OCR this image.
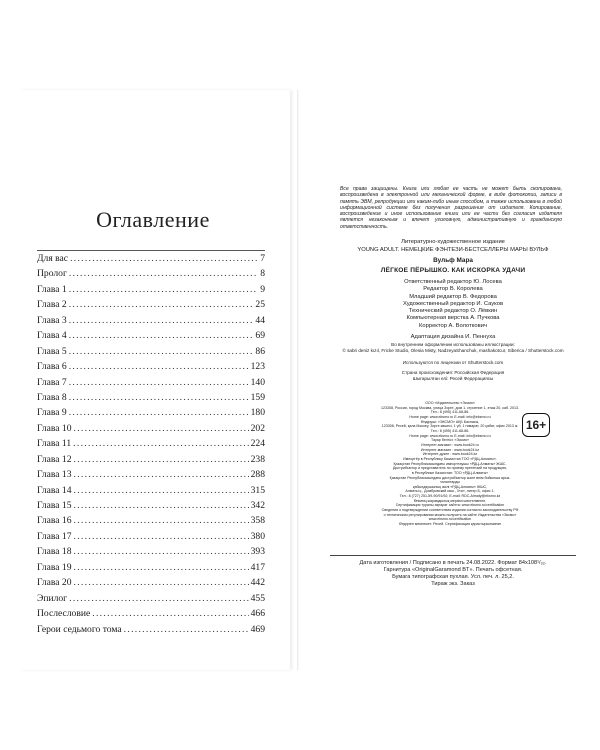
Оглавление
Для вас .....	7
Пролог .....	8
Глава 1 .....	9
Глава 2 .....	25
Глава 3 .....	44
Глава 4 .....	69
Глава 5 .....	86
Глава 6 .....	123
Глава 7 .....	140
Глава 8 .....	159
Глава 9 .....	180
Глава 10 .....	202
Глава 11 .....	224
Глава 12 .....	238
Глава 13 .....	288
Глава 14 .....	315
Глава 15 .....	342
Глава 16 .....	358
Глава 17 .....	380
Глава 18 .....	393
Глава 19 .....	417
Глава 20 .....	442
Эпилог .....	455
Послесловие .....	466
Герои седьмого тома .....	469
Все права защищены. Книга или любая ее часть не может быть скопирована, воспроизведена в электронной или механической форме, в виде фотокопии, записи в память ЭВМ, репродукции или каким-либо иным способом, а также использована в любой информационной системе без получения разрешения от издателя. Копирование, воспроизведение и иное использование книги или ее части без согласия издателя является незаконным и влечет уголовную, административную и гражданскую ответственность.
Литературно-художественное издание
YOUNG ADULT. НЕМЕЦКИЕ ФЭНТЕЗИ-БЕСТСЕЛЛЕРЫ МАРЫ ВУЛЬФ
Вульф Мара
ЛЁГКОЕ ПЁРЫШКО. КАК ИСКОРКА УДАЧИ
Ответственный редактор Ю. Лосева
Редактор В. Королева
Младший редактор В. Федорова
Художественный редактор И. Сауков
Технический редактор О. Лёвкин
Компьютерная верстка А. Пучкова
Корректор А. Волоткович
Адаптация дизайна И. Пеннуха
Во внутреннем оформлении использованы иллюстрации:
© sabri deniz kızıl, Fricke Studio, Olesia Misty, NadzeyaShanchuk, mashakotcur, Siberica / Shutterstock.com
Используются по лицензии от Shutterstock.com
Страна происхождения: Российская Федерация
Шығарылған елі: Ресей Федерациясы
ООО «Издательство «Эксмо»
123308, Россия, город Москва, улица Зорге, дом 1, строение 1, этаж 20, каб. 2013.
Тел.: 8 (495) 411-68-86.
Home page: www.eksmo.ru E-mail: info@eksmo.ru
Өндіруші: «ЭКСМО» АҚБ Баспасы,
123308, Ресей, қала Мәскеу, Зорге көшесі, 1 үй, 1 ғимарат, 20 қабат, офис 2013 ж.
Тел.: 8 (495) 411-68-86.
Home page: www.eksmo.ru E-mail: info@eksmo.ru
Тауар белгісі: «Эксмо»
Интернет-магазин : www.book24.ru
Интернет-магазин : www.book24.kz
Интернет-дүкен : www.book24.kz
Импортёр в Республику Казахстан ТОО «РДЦ-Алматы».
Қазақстан Республикасындағы импорттаушы «РДЦ-Алматы» ЖШС.
Дистрибьютор и представитель по приему претензий на продукцию,
в Республике Казахстан: ТОО «РДЦ-Алматы»
Қазақстан Республикасындағы дистрибьютор және өнім бойынша арыз-талаптарды
қабылдаушының өкілі «РДЦ-Алматы» ЖШС,
Алматы қ., Домбровский көш., 3«а», литер Б, офис 1.
Тел.: 8 (727) 251-59-90/91/92; E-mail: RDC-Almaty@eksmo.kz
Өнімнің жарамдылық мерзімі шектелмеген.
Сертификация туралы ақпарат сайтта: www.eksmo.ru/certification
Сведения о подтверждении соответствия издания согласно законодательству РФ
о техническом регулировании можно получить на сайте Издательства «Эксмо»
www.eksmo.ru/certification
Өндірген мемлекет: Ресей. Сертификация қарастырылмаған
16+
Дата изготовления / Подписано в печать 24.08.2022. Формат 84х108¹/₃₂.
Гарнитура «OriginalGaramond BT». Печать офсетная.
Бумага типографская пухлая. Усл. печ. л. 25,2.
Тираж экз. Заказ
